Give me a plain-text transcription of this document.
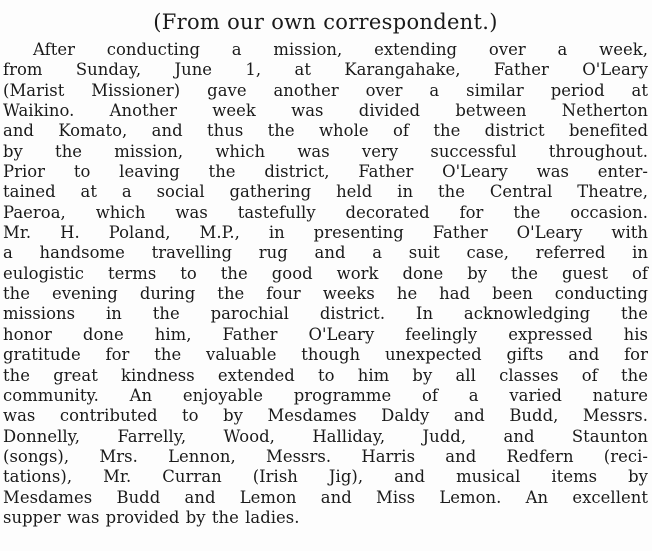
(From our own correspondent.)
After conducting a mission, extending over a week,
from Sunday, June 1, at Karangahake, Father O'Leary
(Marist Missioner) gave another over a similar period at
Waikino. Another week was divided between Netherton
and Komato, and thus the whole of the district benefited
by the mission, which was very successful throughout.
Prior to leaving the district, Father O'Leary was enter-
tained at a social gathering held in the Central Theatre,
Paeroa, which was tastefully decorated for the occasion.
Mr. H. Poland, M.P., in presenting Father O'Leary with
a handsome travelling rug and a suit case, referred in
eulogistic terms to the good work done by the guest of
the evening during the four weeks he had been conducting
missions in the parochial district. In acknowledging the
honor done him, Father O'Leary feelingly expressed his
gratitude for the valuable though unexpected gifts and for
the great kindness extended to him by all classes of the
community. An enjoyable programme of a varied nature
was contributed to by Mesdames Daldy and Budd, Messrs.
Donnelly, Farrelly, Wood, Halliday, Judd, and Staunton
(songs), Mrs. Lennon, Messrs. Harris and Redfern (reci-
tations), Mr. Curran (Irish Jig), and musical items by
Mesdames Budd and Lemon and Miss Lemon. An excellent
supper was provided by the ladies.
